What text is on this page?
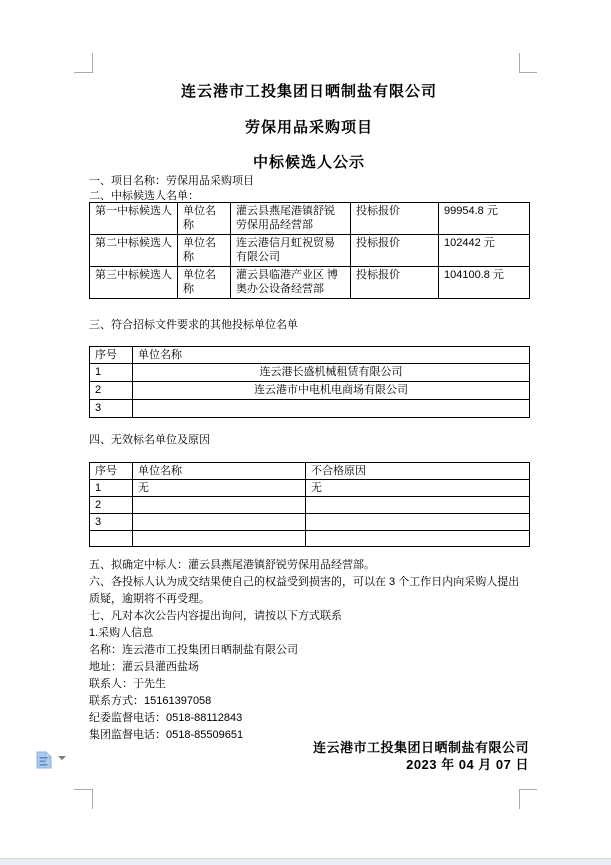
连云港市工投集团日晒制盐有限公司
劳保用品采购项目
中标候选人公示
一、项目名称：劳保用品采购项目
二、中标候选人名单：
第一中标候选人	单位名称	灌云县燕尾港镇舒锐劳保用品经营部	投标报价	99954.8 元
第二中标候选人	单位名称	连云港信月虹祝贸易有限公司	投标报价	102442 元
第三中标候选人	单位名称	灌云县临港产业区 博奥办公设备经营部	投标报价	104100.8 元
三、符合招标文件要求的其他投标单位名单
序号	单位名称
1	连云港长盛机械租赁有限公司
2	连云港市中电机电商场有限公司
3	
四、无效标名单位及原因
序号	单位名称	不合格原因
1	无	无
2		
3		

五、拟确定中标人：灌云县燕尾港镇舒锐劳保用品经营部。

六、各投标人认为成交结果使自己的权益受到损害的，可以在 3 个工作日内向采购人提出质疑，逾期将不再受理。

七、凡对本次公告内容提出询问，请按以下方式联系

1.采购人信息

名称：连云港市工投集团日晒制盐有限公司

地址：灌云县灌西盐场

联系人：于先生

联系方式：15161397058

纪委监督电话：0518-88112843

集团监督电话：0518-85509651

连云港市工投集团日晒制盐有限公司
2023 年 04 月 07 日
